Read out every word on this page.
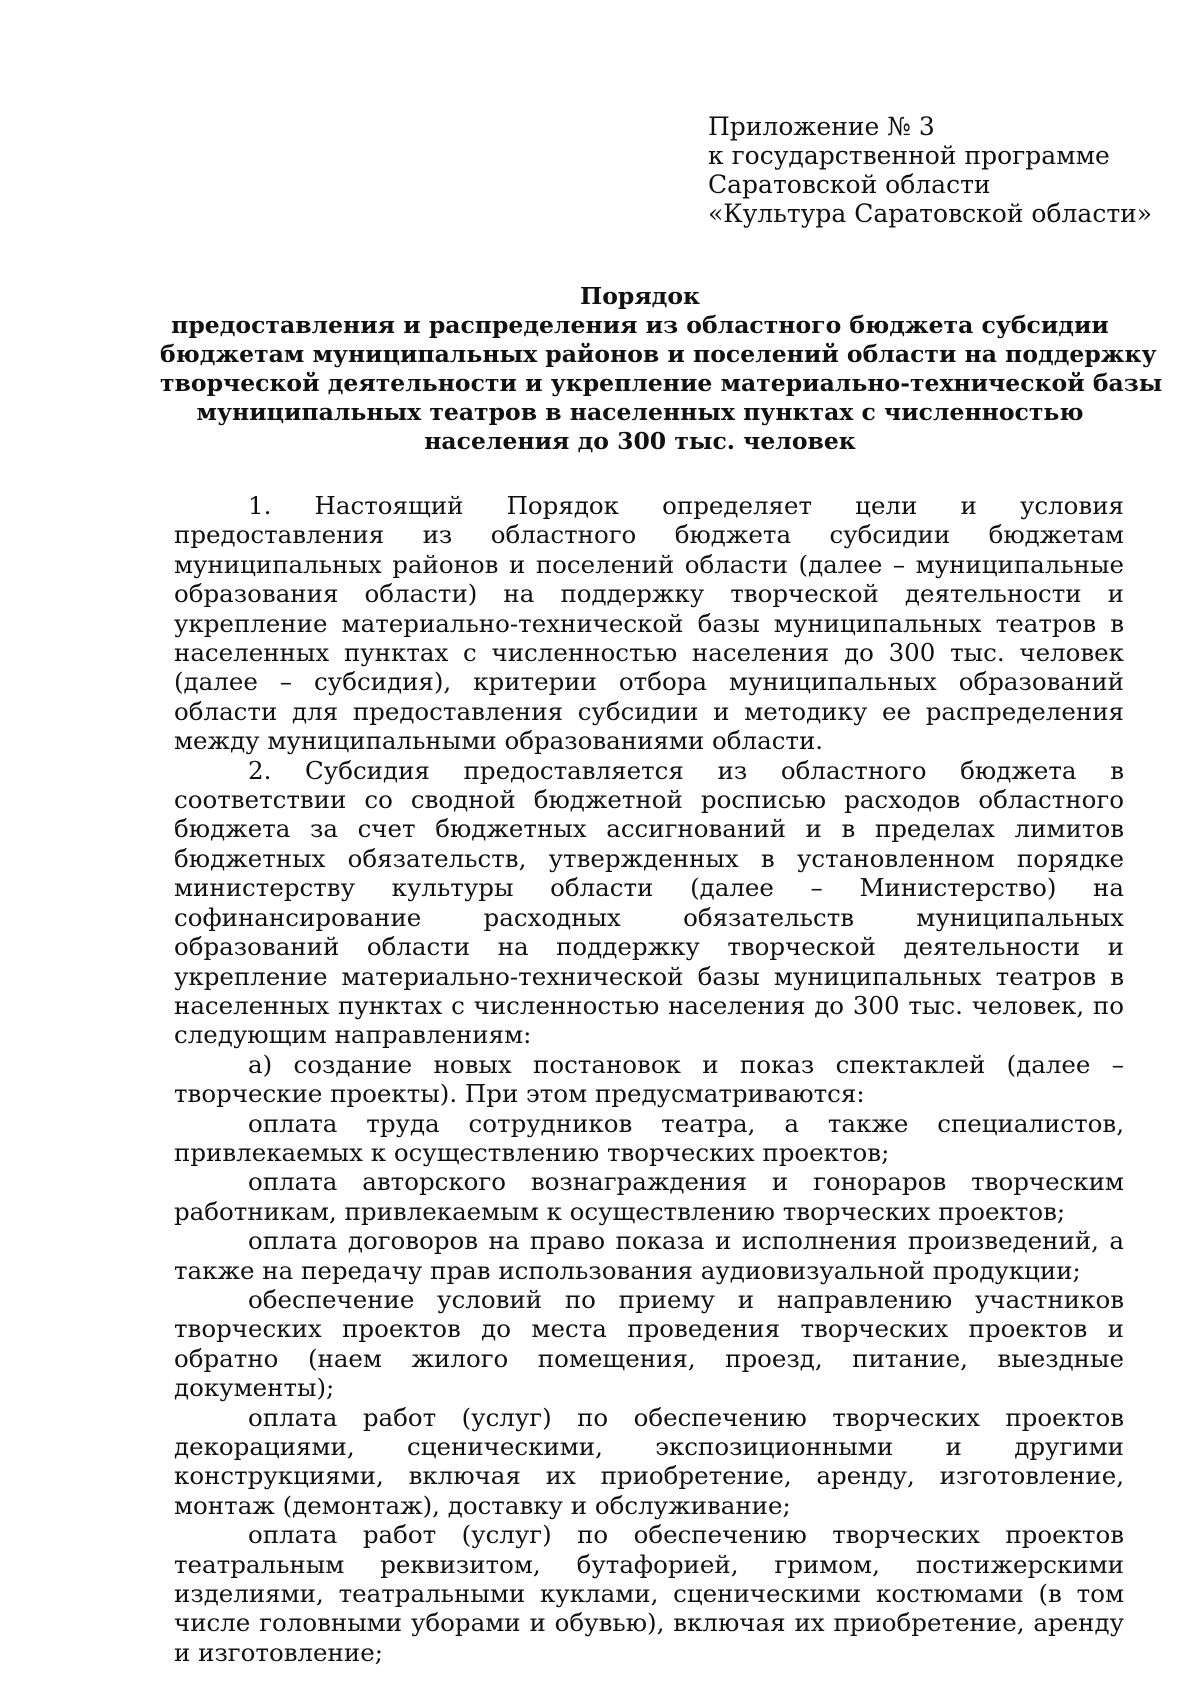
Приложение № 3
к государственной программе
Саратовской области
«Культура Саратовской области»
Порядок
предоставления и распределения из областного бюджета субсидии
бюджетам муниципальных районов и поселений области на поддержку
творческой деятельности и укрепление материально-технической базы
муниципальных театров в населенных пунктах с численностью
населения до 300 тыс. человек

1. Настоящий Порядок определяет цели и условия предоставления из областного бюджета субсидии бюджетам муниципальных районов и поселений области (далее – муниципальные образования области) на поддержку творческой деятельности и укрепление материально-технической базы муниципальных театров в населенных пунктах с численностью населения до 300 тыс. человек (далее – субсидия), критерии отбора муниципальных образований области для предоставления субсидии и методику ее распределения между муниципальными образованиями области.

2. Субсидия предоставляется из областного бюджета в соответствии со сводной бюджетной росписью расходов областного бюджета за счет бюджетных ассигнований и в пределах лимитов бюджетных обязательств, утвержденных в установленном порядке министерству культуры области (далее – Министерство) на софинансирование расходных обязательств муниципальных образований области на поддержку творческой деятельности и укрепление материально-технической базы муниципальных театров в населенных пунктах с численностью населения до 300 тыс. человек, по следующим направлениям:

а) создание новых постановок и показ спектаклей (далее – творческие проекты). При этом предусматриваются:

оплата труда сотрудников театра, а также специалистов, привлекаемых к осуществлению творческих проектов;

оплата авторского вознаграждения и гонораров творческим работникам, привлекаемым к осуществлению творческих проектов;

оплата договоров на право показа и исполнения произведений, а также на передачу прав использования аудиовизуальной продукции;

обеспечение условий по приему и направлению участников творческих проектов до места проведения творческих проектов и обратно (наем жилого помещения, проезд, питание, выездные документы);

оплата работ (услуг) по обеспечению творческих проектов декорациями, сценическими, экспозиционными и другими конструкциями, включая их приобретение, аренду, изготовление, монтаж (демонтаж), доставку и обслуживание;

оплата работ (услуг) по обеспечению творческих проектов театральным реквизитом, бутафорией, гримом, постижерскими изделиями, театральными куклами, сценическими костюмами (в том числе головными уборами и обувью), включая их приобретение, аренду и изготовление;
